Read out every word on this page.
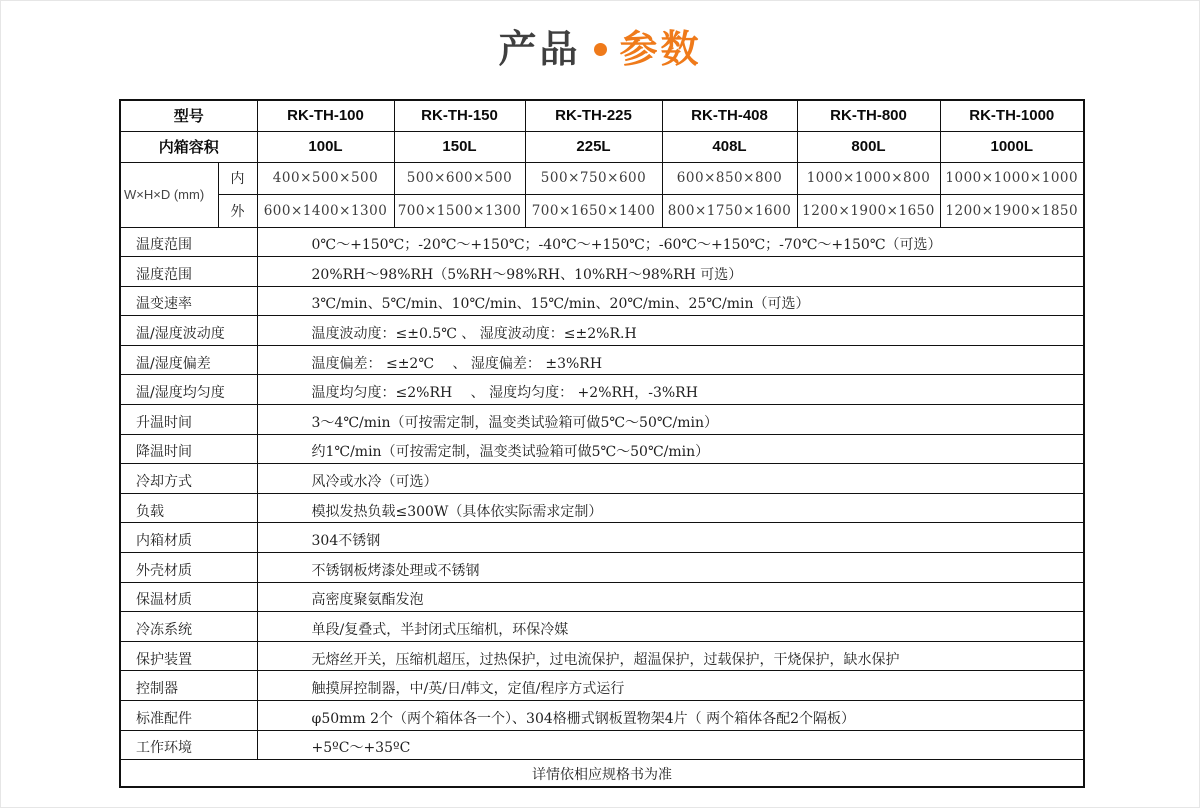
产品 参数
型号		RK-TH-100	RK-TH-150	RK-TH-225	RK-TH-408	RK-TH-800	RK-TH-1000
内箱容积		100L	150L	225L	408L	800L	1000L
W×H×D (mm)	内	400×500×500	500×600×500	500×750×600	600×850×800	1000×1000×800	1000×1000×1000
	外	600×1400×1300	700×1500×1300	700×1650×1400	800×1750×1600	1200×1900×1650	1200×1900×1850
温度范围		0℃～+150℃；-20℃～+150℃；-40℃～+150℃；-60℃～+150℃；-70℃～+150℃（可选）					
湿度范围		20%RH～98%RH（5%RH～98%RH、10%RH～98%RH 可选）					
温变速率		3℃/min、5℃/min、10℃/min、15℃/min、20℃/min、25℃/min（可选）					
温/湿度波动度		温度波动度：≤±0.5℃ 、 湿度波动度：≤±2%R.H					
温/湿度偏差		温度偏差： ≤±2℃　 、 湿度偏差： ±3%RH					
温/湿度均匀度		温度均匀度：≤2%RH　 、 湿度均匀度： +2%RH，-3%RH					
升温时间		3～4℃/min（可按需定制，温变类试验箱可做5℃～50℃/min）					
降温时间		约1℃/min（可按需定制，温变类试验箱可做5℃～50℃/min）					
冷却方式		风冷或水冷（可选）					
负载		模拟发热负载≤300W（具体依实际需求定制）					
内箱材质		304不锈钢					
外壳材质		不锈钢板烤漆处理或不锈钢					
保温材质		高密度聚氨酯发泡					
冷冻系统		单段/复叠式，半封闭式压缩机，环保冷媒					
保护装置		无熔丝开关，压缩机超压，过热保护，过电流保护，超温保护，过载保护，干烧保护，缺水保护					
控制器		触摸屏控制器，中/英/日/韩文，定值/程序方式运行					
标准配件		φ50mm 2个（两个箱体各一个）、304格栅式钢板置物架4片（ 两个箱体各配2个隔板）					
工作环境		+5ºC～+35ºC					
详情依相应规格书为准							
